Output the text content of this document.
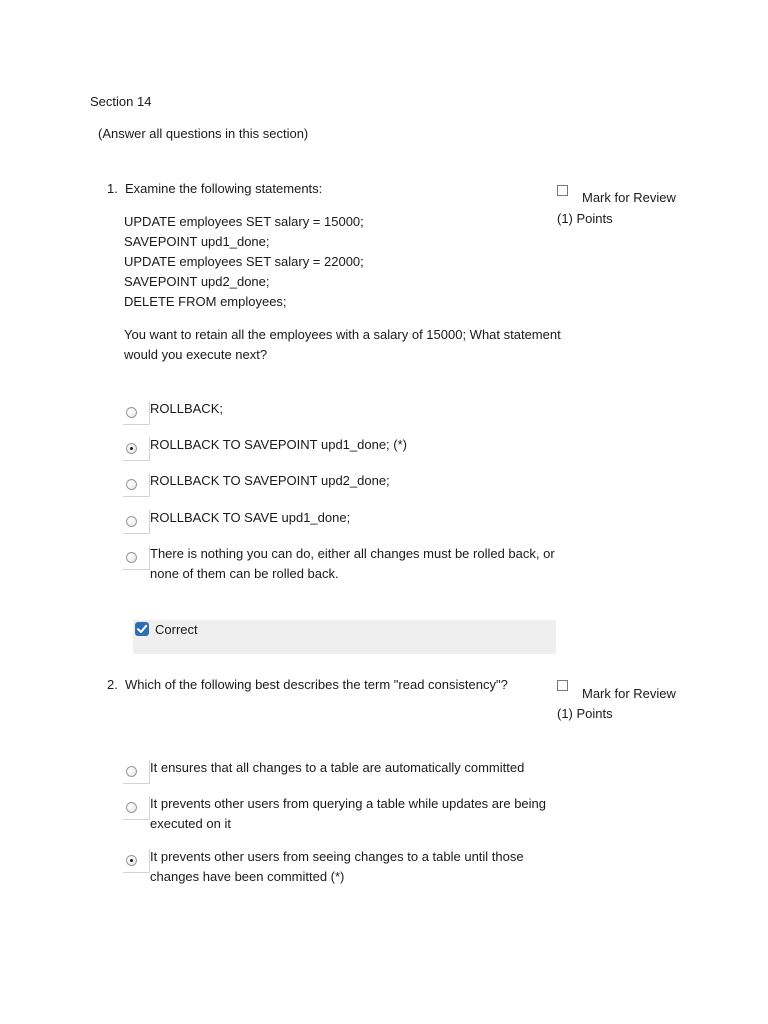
Section 14
(Answer all questions in this section)
1. Examine the following statements:
UPDATE employees SET salary = 15000;
SAVEPOINT upd1_done;
UPDATE employees SET salary = 22000;
SAVEPOINT upd2_done;
DELETE FROM employees;
You want to retain all the employees with a salary of 15000; What statement would you execute next?
Mark for Review
(1) Points
ROLLBACK;
ROLLBACK TO SAVEPOINT upd1_done; (*)
ROLLBACK TO SAVEPOINT upd2_done;
ROLLBACK TO SAVE upd1_done;
There is nothing you can do, either all changes must be rolled back, or none of them can be rolled back.
Correct
2. Which of the following best describes the term "read consistency"?
Mark for Review
(1) Points
It ensures that all changes to a table are automatically committed
It prevents other users from querying a table while updates are being executed on it
It prevents other users from seeing changes to a table until those changes have been committed (*)
